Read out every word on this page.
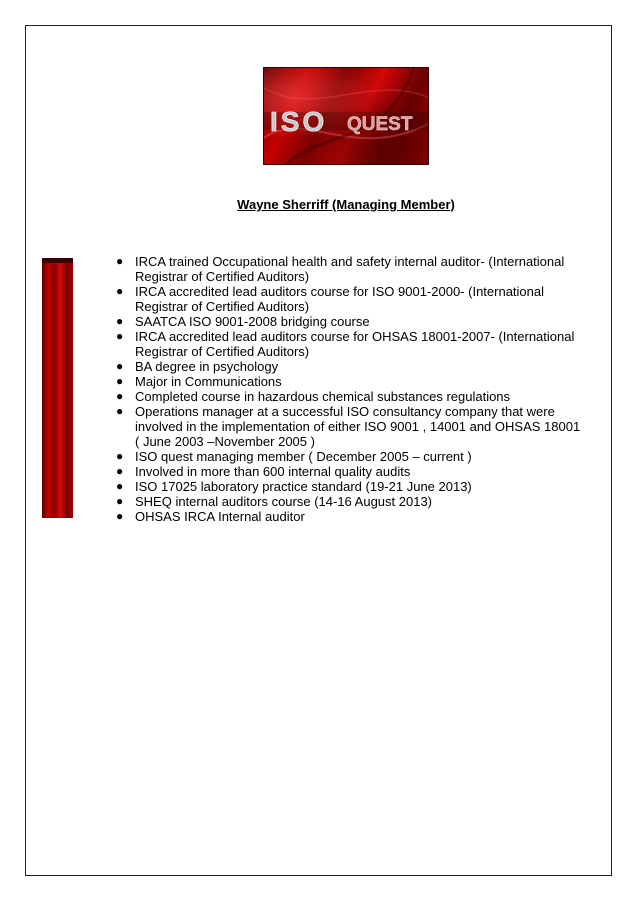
ISO QUEST
Wayne Sherriff (Managing Member)
● IRCA trained Occupational health and safety internal auditor- (International Registrar of Certified Auditors)
● IRCA accredited lead auditors course for ISO 9001-2000- (International Registrar of Certified Auditors)
● SAATCA ISO 9001-2008 bridging course
● IRCA accredited lead auditors course for OHSAS 18001-2007- (International Registrar of Certified Auditors)
● BA degree in psychology
● Major in Communications
● Completed course in hazardous chemical substances regulations
● Operations manager at a successful ISO consultancy company that were involved in the implementation of either ISO 9001 , 14001 and OHSAS 18001 ( June 2003 –November 2005 )
● ISO quest managing member ( December 2005 – current )
● Involved in more than 600 internal quality audits
● ISO 17025 laboratory practice standard (19-21 June 2013)
● SHEQ internal auditors course (14-16 August 2013)
● OHSAS IRCA Internal auditor
